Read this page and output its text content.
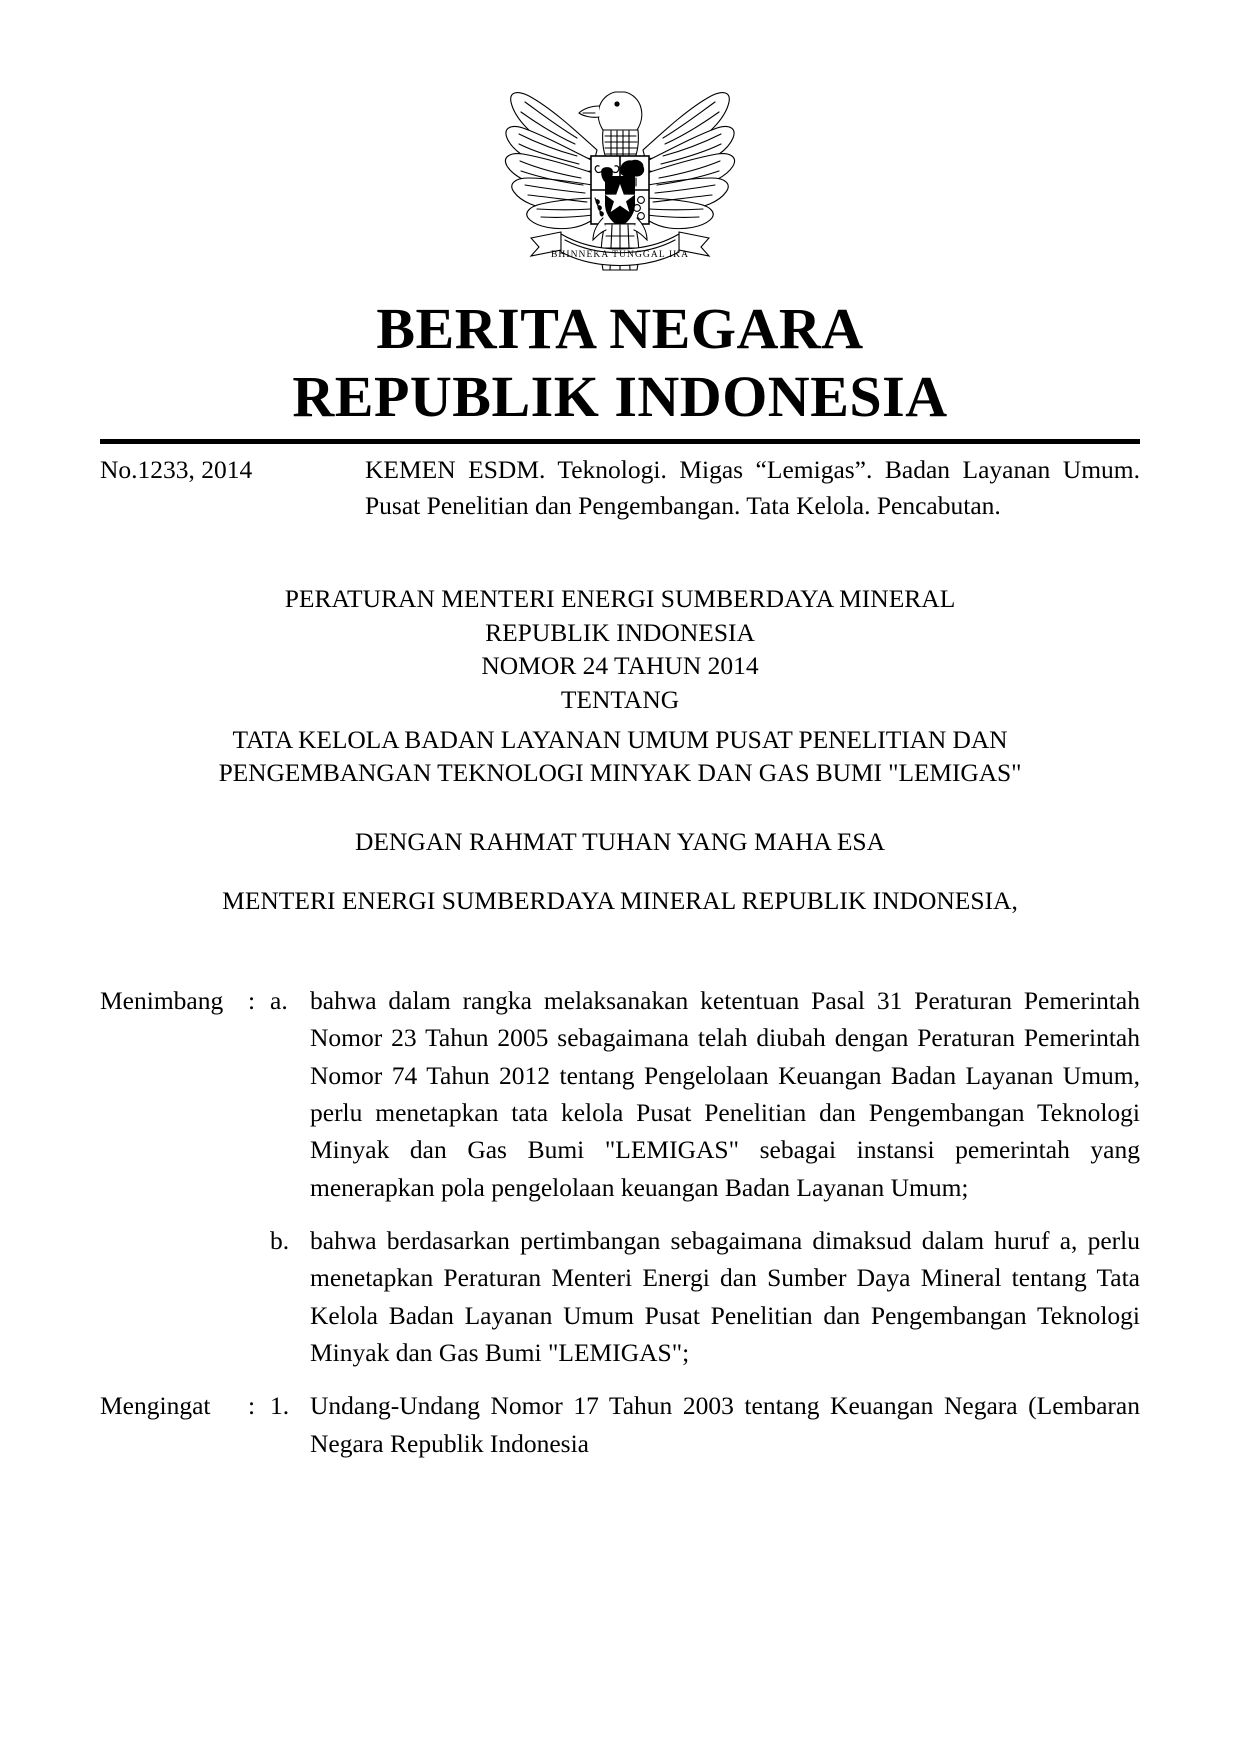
BHINNEKA TUNGGAL IKA
BERITA NEGARA
REPUBLIK INDONESIA
No.1233, 2014	KEMEN ESDM. Teknologi. Migas “Lemigas”. Badan Layanan Umum. Pusat Penelitian dan Pengembangan. Tata Kelola. Pencabutan.
PERATURAN MENTERI ENERGI SUMBERDAYA MINERAL
REPUBLIK INDONESIA
NOMOR 24 TAHUN 2014
TENTANG
TATA KELOLA BADAN LAYANAN UMUM PUSAT PENELITIAN DAN
PENGEMBANGAN TEKNOLOGI MINYAK DAN GAS BUMI "LEMIGAS"
DENGAN RAHMAT TUHAN YANG MAHA ESA
MENTERI ENERGI SUMBERDAYA MINERAL REPUBLIK INDONESIA,
Menimbang : a. bahwa dalam rangka melaksanakan ketentuan Pasal 31 Peraturan Pemerintah Nomor 23 Tahun 2005 sebagaimana telah diubah dengan Peraturan Pemerintah Nomor 74 Tahun 2012 tentang Pengelolaan Keuangan Badan Layanan Umum, perlu menetapkan tata kelola Pusat Penelitian dan Pengembangan Teknologi Minyak dan Gas Bumi "LEMIGAS" sebagai instansi pemerintah yang menerapkan pola pengelolaan keuangan Badan Layanan Umum;
b. bahwa berdasarkan pertimbangan sebagaimana dimaksud dalam huruf a, perlu menetapkan Peraturan Menteri Energi dan Sumber Daya Mineral tentang Tata Kelola Badan Layanan Umum Pusat Penelitian dan Pengembangan Teknologi Minyak dan Gas Bumi "LEMIGAS";
Mengingat	: 1. Undang-Undang Nomor 17 Tahun 2003 tentang Keuangan Negara (Lembaran Negara Republik Indonesia
